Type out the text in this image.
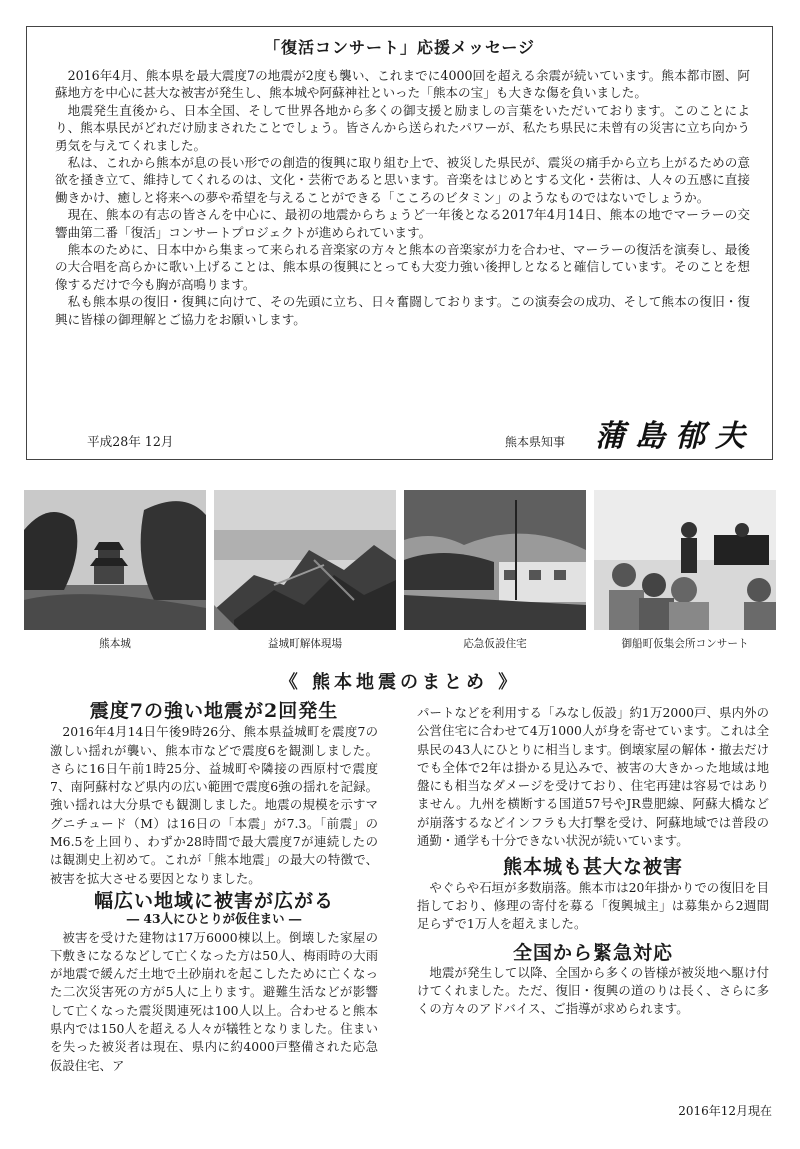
「復活コンサート」応援メッセージ

2016年4月、熊本県を最大震度7の地震が2度も襲い、これまでに4000回を超える余震が続いています。熊本都市圏、阿蘇地方を中心に甚大な被害が発生し、熊本城や阿蘇神社といった「熊本の宝」も大きな傷を負いました。

地震発生直後から、日本全国、そして世界各地から多くの御支援と励ましの言葉をいただいております。このことにより、熊本県民がどれだけ励まされたことでしょう。皆さんから送られたパワーが、私たち県民に未曾有の災害に立ち向かう勇気を与えてくれました。

私は、これから熊本が息の長い形での創造的復興に取り組む上で、被災した県民が、震災の痛手から立ち上がるための意欲を掻き立て、維持してくれるのは、文化・芸術であると思います。音楽をはじめとする文化・芸術は、人々の五感に直接働きかけ、癒しと将来への夢や希望を与えることができる「こころのビタミン」のようなものではないでしょうか。

現在、熊本の有志の皆さんを中心に、最初の地震からちょうど一年後となる2017年4月14日、熊本の地でマーラーの交響曲第二番「復活」コンサートプロジェクトが進められています。

熊本のために、日本中から集まって来られる音楽家の方々と熊本の音楽家が力を合わせ、マーラーの復活を演奏し、最後の大合唱を高らかに歌い上げることは、熊本県の復興にとっても大変力強い後押しとなると確信しています。そのことを想像するだけで今も胸が高鳴ります。

私も熊本県の復旧・復興に向けて、その先頭に立ち、日々奮闘しております。この演奏会の成功、そして熊本の復旧・復興に皆様の御理解とご協力をお願いします。

平成28年 12月	熊本県知事 蒲島郁夫
熊本城	益城町解体現場	応急仮設住宅	御船町仮集会所コンサート
《 熊本地震のまとめ 》
震度7の強い地震が2回発生

2016年4月14日午後9時26分、熊本県益城町を震度7の激しい揺れが襲い、熊本市などで震度6を観測しました。さらに16日午前1時25分、益城町や隣接の西原村で震度7、南阿蘇村など県内の広い範囲で震度6強の揺れを記録。強い揺れは大分県でも観測しました。地震の規模を示すマグニチュード（M）は16日の「本震」が7.3。「前震」のM6.5を上回り、わずか28時間で最大震度7が連続したのは観測史上初めて。これが「熊本地震」の最大の特徴で、被害を拡大させる要因となりました。

幅広い地域に被害が広がる
― 43人にひとりが仮住まい ―

被害を受けた建物は17万6000棟以上。倒壊した家屋の下敷きになるなどして亡くなった方は50人、梅雨時の大雨が地震で緩んだ土地で土砂崩れを起こしたために亡くなった二次災害死の方が5人に上ります。避難生活などが影響して亡くなった震災関連死は100人以上。合わせると熊本県内では150人を超える人々が犠牲となりました。住まいを失った被災者は現在、県内に約4000戸整備された応急仮設住宅、ア

パートなどを利用する「みなし仮設」約1万2000戸、県内外の公営住宅に合わせて4万1000人が身を寄せています。これは全県民の43人にひとりに相当します。倒壊家屋の解体・撤去だけでも全体で2年は掛かる見込みで、被害の大きかった地域は地盤にも相当なダメージを受けており、住宅再建は容易ではありません。九州を横断する国道57号やJR豊肥線、阿蘇大橋などが崩落するなどインフラも大打撃を受け、阿蘇地域では普段の通勤・通学も十分できない状況が続いています。

熊本城も甚大な被害

やぐらや石垣が多数崩落。熊本市は20年掛かりでの復旧を目指しており、修理の寄付を募る「復興城主」は募集から2週間足らずで1万人を超えました。

全国から緊急対応

地震が発生して以降、全国から多くの皆様が被災地へ駆け付けてくれました。ただ、復旧・復興の道のりは長く、さらに多くの方々のアドバイス、ご指導が求められます。

2016年12月現在
